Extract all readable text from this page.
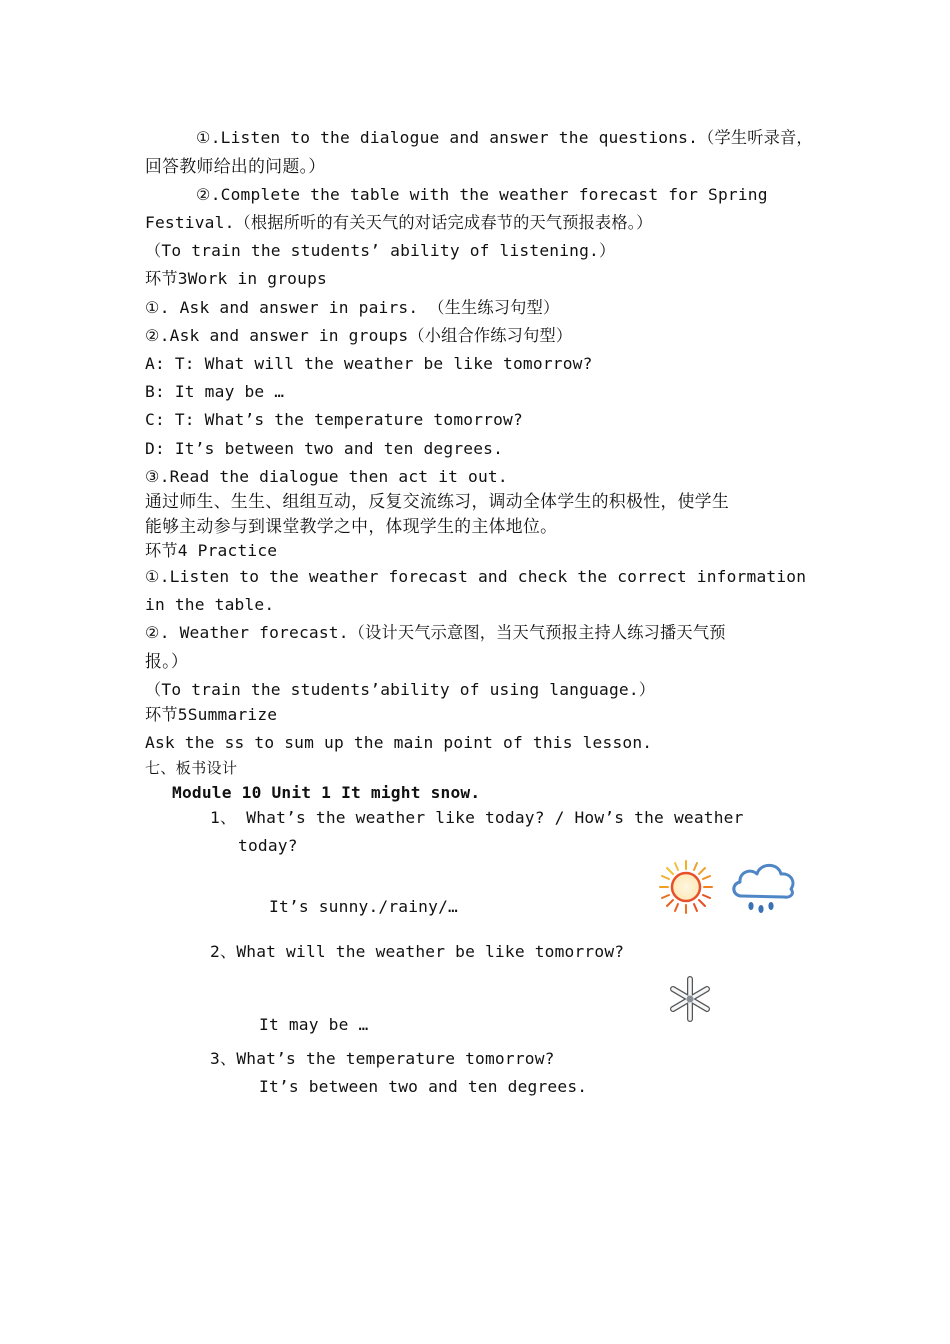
①.Listen to the dialogue and answer the questions.（学生听录音，
回答教师给出的问题。）
②.Complete the table with the weather forecast for Spring
Festival.（根据所听的有关天气的对话完成春节的天气预报表格。）
（To train the students’ ability of listening.）
环节3Work in groups
①. Ask and answer in pairs. （生生练习句型）
②.Ask and answer in groups（小组合作练习句型）
A: T: What will the weather be like tomorrow?
B: It may be …
C: T: What’s the temperature tomorrow?
D: It’s between two and ten degrees.
③.Read the dialogue then act it out.
通过师生、生生、组组互动，反复交流练习，调动全体学生的积极性，使学生
能够主动参与到课堂教学之中，体现学生的主体地位。
环节4 Practice
①.Listen to the weather forecast and check the correct information
in the table.
②. Weather forecast.（设计天气示意图，当天气预报主持人练习播天气预
报。）
（To train the students’ability of using language.）
环节5Summarize
Ask the ss to sum up the main point of this lesson.
七、板书设计
Module 10 Unit 1 It might snow.
1、 What’s the weather like today? / How’s the weather
today?
It’s sunny./rainy/…
2、What will the weather be like tomorrow?
It may be …
3、What’s the temperature tomorrow?
It’s between two and ten degrees.
